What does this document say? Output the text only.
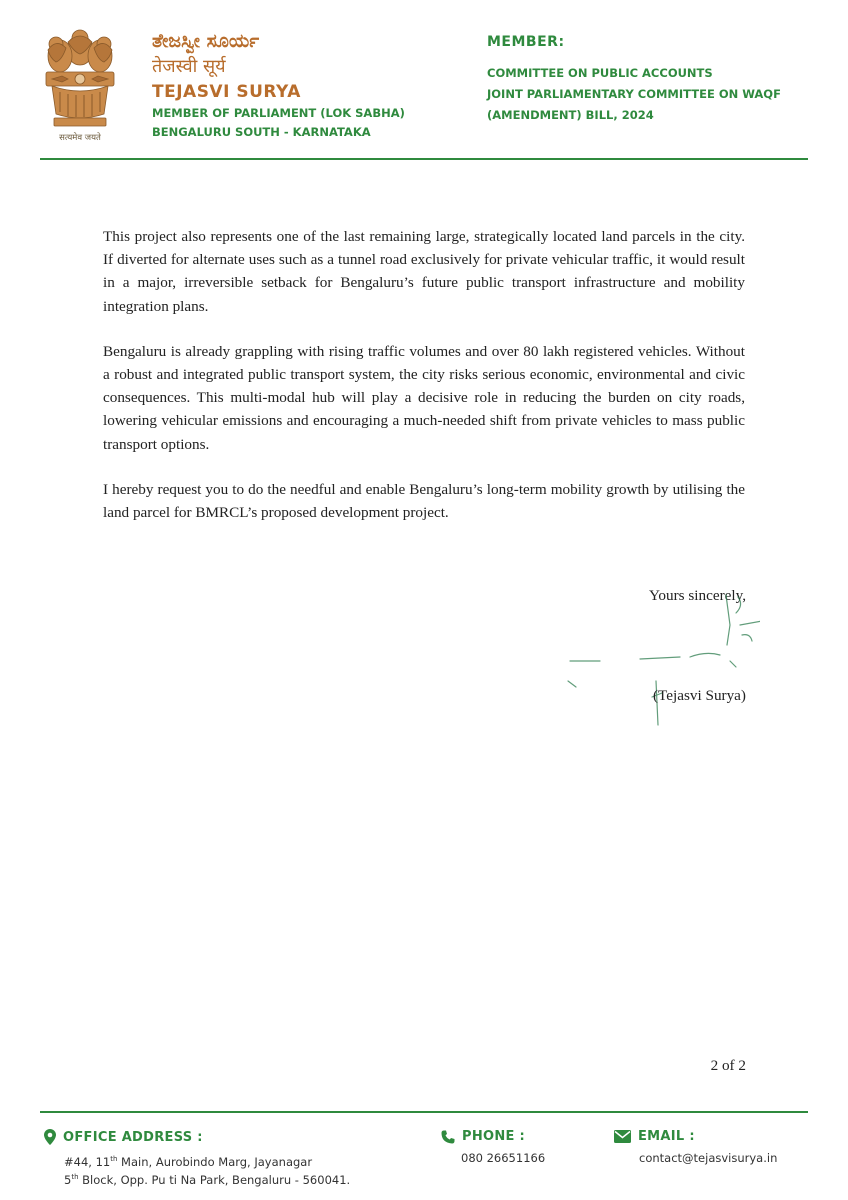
सत्यमेव जयते
ತೇಜಸ್ವೀ ಸೂರ್ಯ
तेजस्वी सूर्य
TEJASVI SURYA
MEMBER OF PARLIAMENT (LOK SABHA)
BENGALURU SOUTH - KARNATAKA
MEMBER:
COMMITTEE ON PUBLIC ACCOUNTS
JOINT PARLIAMENTARY COMMITTEE ON WAQF
(AMENDMENT) BILL, 2024

This project also represents one of the last remaining large, strategically located land parcels in the city. If diverted for alternate uses such as a tunnel road exclusively for private vehicular traffic, it would result in a major, irreversible setback for Bengaluru’s future public transport infrastructure and mobility integration plans.

Bengaluru is already grappling with rising traffic volumes and over 80 lakh registered vehicles. Without a robust and integrated public transport system, the city risks serious economic, environmental and civic consequences. This multi-modal hub will play a decisive role in reducing the burden on city roads, lowering vehicular emissions and encouraging a much-needed shift from private vehicles to mass public transport options.

I hereby request you to do the needful and enable Bengaluru’s long-term mobility growth by utilising the land parcel for BMRCL’s proposed development project.

Yours sincerely,
(Tejasvi Surya)
2 of 2
OFFICE ADDRESS :
#44, 11th Main, Aurobindo Marg, Jayanagar
5th Block, Opp. Pu ti Na Park, Bengaluru - 560041.
PHONE :
080 26651166
EMAIL :
contact@tejasvisurya.in
